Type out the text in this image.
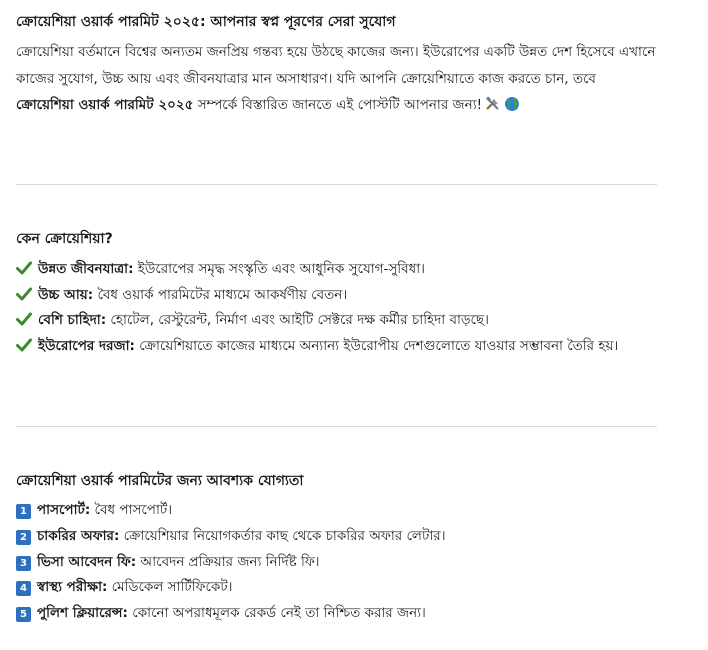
ক্রোয়েশিয়া ওয়ার্ক পারমিট ২০২৫: আপনার স্বপ্ন পূরণের সেরা সুযোগ
ক্রোয়েশিয়া বর্তমানে বিশ্বের অন্যতম জনপ্রিয় গন্তব্য হয়ে উঠছে কাজের জন্য। ইউরোপের একটি উন্নত দেশ হিসেবে এখানে কাজের সুযোগ, উচ্চ আয় এবং জীবনযাত্রার মান অসাধারণ। যদি আপনি ক্রোয়েশিয়াতে কাজ করতে চান, তবে ক্রোয়েশিয়া ওয়ার্ক পারমিট ২০২৫ সম্পর্কে বিস্তারিত জানতে এই পোস্টটি আপনার জন্য!
কেন ক্রোয়েশিয়া?
উন্নত জীবনযাত্রা: ইউরোপের সমৃদ্ধ সংস্কৃতি এবং আধুনিক সুযোগ-সুবিধা।
উচ্চ আয়: বৈধ ওয়ার্ক পারমিটের মাধ্যমে আকর্ষণীয় বেতন।
বেশি চাহিদা: হোটেল, রেস্টুরেন্ট, নির্মাণ এবং আইটি সেক্টরে দক্ষ কর্মীর চাহিদা বাড়ছে।
ইউরোপের দরজা: ক্রোয়েশিয়াতে কাজের মাধ্যমে অন্যান্য ইউরোপীয় দেশগুলোতে যাওয়ার সম্ভাবনা তৈরি হয়।
ক্রোয়েশিয়া ওয়ার্ক পারমিটের জন্য আবশ্যক যোগ্যতা
1 পাসপোর্ট: বৈধ পাসপোর্ট।
2 চাকরির অফার: ক্রোয়েশিয়ার নিয়োগকর্তার কাছ থেকে চাকরির অফার লেটার।
3 ভিসা আবেদন ফি: আবেদন প্রক্রিয়ার জন্য নির্দিষ্ট ফি।
4 স্বাস্থ্য পরীক্ষা: মেডিকেল সার্টিফিকেট।
5 পুলিশ ক্লিয়ারেন্স: কোনো অপরাধমূলক রেকর্ড নেই তা নিশ্চিত করার জন্য।
